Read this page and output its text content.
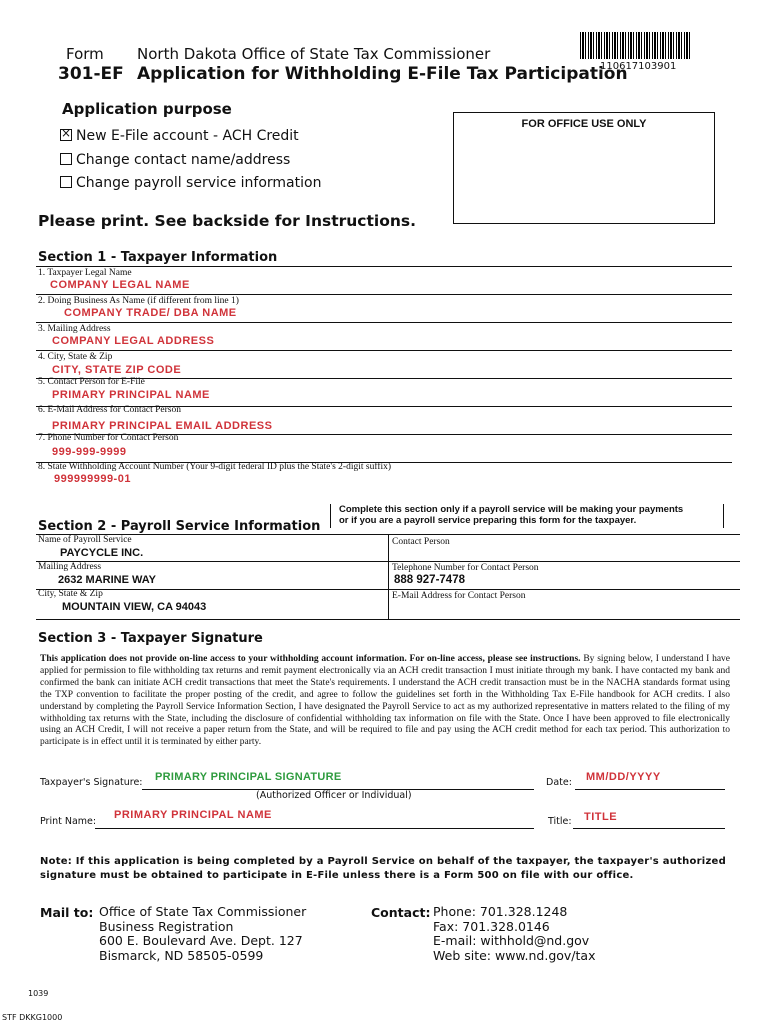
Form
301-EF
North Dakota Office of State Tax Commissioner
Application for Withholding E-File Tax Participation
110617103901
Application purpose
×New E-File account - ACH Credit
Change contact name/address
Change payroll service information
FOR OFFICE USE ONLY
Please print. See backside for Instructions.
Section 1 - Taxpayer Information
1. Taxpayer Legal Name
COMPANY LEGAL NAME
2. Doing Business As Name (if different from line 1)
COMPANY TRADE/ DBA NAME
3. Mailing Address
COMPANY LEGAL ADDRESS
4. City, State & Zip
CITY, STATE ZIP CODE
5. Contact Person for E-File
PRIMARY PRINCIPAL NAME
6. E-Mail Address for Contact Person
PRIMARY PRINCIPAL EMAIL ADDRESS
7. Phone Number for Contact Person
999-999-9999
8. State Withholding Account Number (Your 9-digit federal ID plus the State's 2-digit suffix)
999999999-01
Complete this section only if a payroll service will be making your payments
or if you are a payroll service preparing this form for the taxpayer.
Section 2 - Payroll Service Information
Name of Payroll Service
PAYCYCLE INC.
Contact Person
Mailing Address
2632 MARINE WAY
Telephone Number for Contact Person
888 927-7478
City, State & Zip
MOUNTAIN VIEW, CA 94043
E-Mail Address for Contact Person
Section 3 - Taxpayer Signature
This application does not provide on-line access to your withholding account information. For on-line access, please see instructions. By signing below, I understand I have applied for permission to file withholding tax returns and remit payment electronically via an ACH credit transaction I must initiate through my bank. I have contacted my bank and confirmed the bank can initiate ACH credit transactions that meet the State's requirements. I understand the ACH credit transaction must be in the NACHA standards format using the TXP convention to facilitate the proper posting of the credit, and agree to follow the guidelines set forth in the Withholding Tax E-File handbook for ACH credits. I also understand by completing the Payroll Service Information Section, I have designated the Payroll Service to act as my authorized representative in matters related to the filing of my withholding tax returns with the State, including the disclosure of confidential withholding tax information on file with the State. Once I have been approved to file electronically using an ACH Credit, I will not receive a paper return from the State, and will be required to file and pay using the ACH credit method for each tax period. This authorization to participate is in effect until it is terminated by either party.
Taxpayer's Signature: PRIMARY PRINCIPAL SIGNATURE
(Authorized Officer or Individual)
Date: MM/DD/YYYY
Print Name:
PRIMARY PRINCIPAL NAME
Title: TITLE
Note: If this application is being completed by a Payroll Service on behalf of the taxpayer, the taxpayer's authorized
signature must be obtained to participate in E-File unless there is a Form 500 on file with our office.
Mail to: Office of State Tax Commissioner
Business Registration
600 E. Boulevard Ave. Dept. 127
Bismarck, ND 58505-0599
Contact: Phone: 701.328.1248
Fax: 701.328.0146
E-mail: withhold@nd.gov
Web site: www.nd.gov/tax
1039
STF DKKG1000
